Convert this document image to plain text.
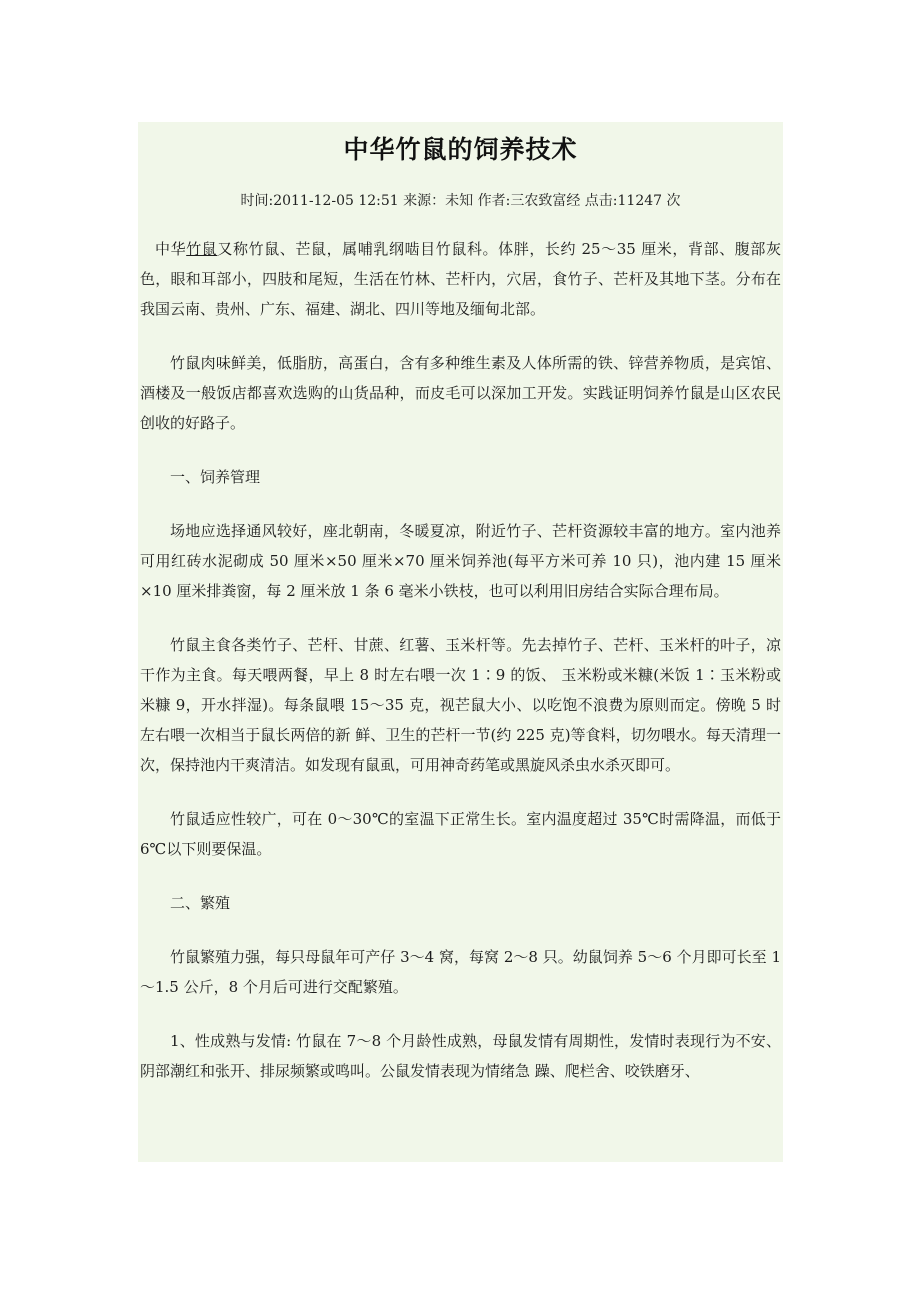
中华竹鼠的饲养技术
时间:2011-12-05 12:51 来源：未知 作者:三农致富经 点击:11247 次

中华竹鼠又称竹鼠、芒鼠，属哺乳纲啮目竹鼠科。体胖，长约 25～35 厘米，背部、腹部灰色，眼和耳部小，四肢和尾短，生活在竹林、芒杆内，穴居，食竹子、芒杆及其地下茎。分布在我国云南、贵州、广东、福建、湖北、四川等地及缅甸北部。

竹鼠肉味鲜美，低脂肪，高蛋白，含有多种维生素及人体所需的铁、锌营养物质，是宾馆、酒楼及一般饭店都喜欢选购的山货品种，而皮毛可以深加工开发。实践证明饲养竹鼠是山区农民创收的好路子。

一、饲养管理

场地应选择通风较好，座北朝南，冬暖夏凉，附近竹子、芒杆资源较丰富的地方。室内池养可用红砖水泥砌成 50 厘米×50 厘米×70 厘米饲养池(每平方米可养 10 只)，池内建 15 厘米×10 厘米排粪窗，每 2 厘米放 1 条 6 毫米小铁枝，也可以利用旧房结合实际合理布局。

竹鼠主食各类竹子、芒杆、甘蔗、红薯、玉米杆等。先去掉竹子、芒杆、玉米杆的叶子，凉干作为主食。每天喂两餐，早上 8 时左右喂一次 1∶9 的饭、 玉米粉或米糠(米饭 1∶玉米粉或米糠 9，开水拌湿)。每条鼠喂 15～35 克，视芒鼠大小、以吃饱不浪费为原则而定。傍晚 5 时左右喂一次相当于鼠长两倍的新 鲜、卫生的芒杆一节(约 225 克)等食料，切勿喂水。每天清理一次，保持池内干爽清洁。如发现有鼠虱，可用神奇药笔或黑旋风杀虫水杀灭即可。

竹鼠适应性较广，可在 0～30℃的室温下正常生长。室内温度超过 35℃时需降温，而低于 6℃以下则要保温。

二、繁殖

竹鼠繁殖力强，每只母鼠年可产仔 3～4 窝，每窝 2～8 只。幼鼠饲养 5～6 个月即可长至 1～1.5 公斤，8 个月后可进行交配繁殖。

1、性成熟与发情: 竹鼠在 7～8 个月龄性成熟，母鼠发情有周期性，发情时表现行为不安、阴部潮红和张开、排尿频繁或鸣叫。公鼠发情表现为情绪急 躁、爬栏舍、咬铁磨牙、
